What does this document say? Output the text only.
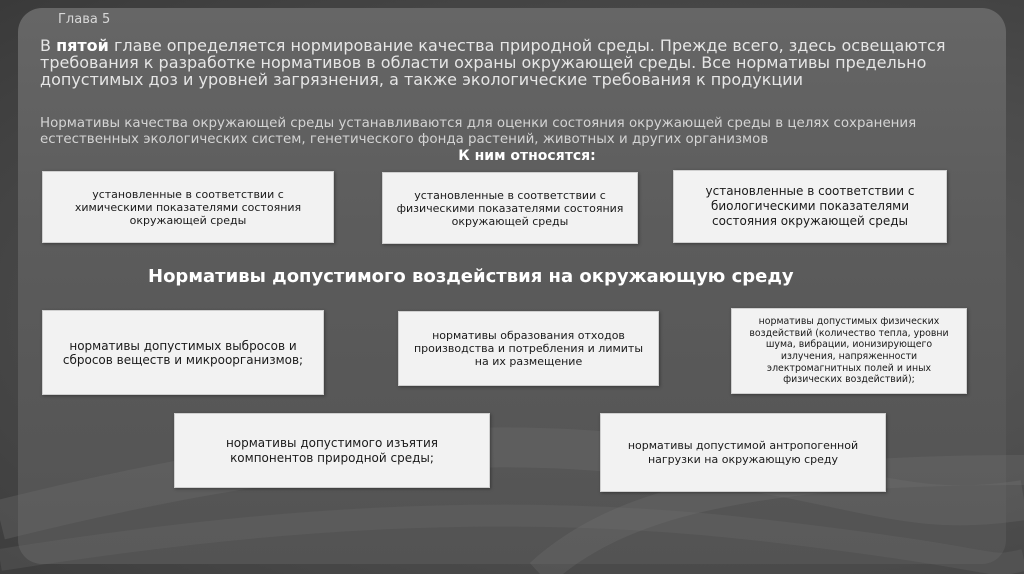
Глава 5
В пятой главе определяется нормирование качества природной среды. Прежде всего, здесь освещаются требования к разработке нормативов в области охраны окружающей среды. Все нормативы предельно допустимых доз и уровней загрязнения, а также экологические требования к продукции
Нормативы качества окружающей среды устанавливаются для оценки состояния окружающей среды в целях сохранения естественных экологических систем, генетического фонда растений, животных и других организмов
К ним относятся:
установленные в соответствии с химическими показателями состояния окружающей среды
установленные в соответствии с физическими показателями состояния окружающей среды
установленные в соответствии с биологическими показателями состояния окружающей среды
Нормативы допустимого воздействия на окружающую среду
нормативы допустимых выбросов и сбросов веществ и микроорганизмов;
нормативы образования отходов производства и потребления и лимиты на их размещение
нормативы допустимых физических воздействий (количество тепла, уровни шума, вибрации, ионизирующего излучения, напряженности электромагнитных полей и иных физических воздействий);
нормативы допустимого изъятия компонентов природной среды;
нормативы допустимой антропогенной нагрузки на окружающую среду
